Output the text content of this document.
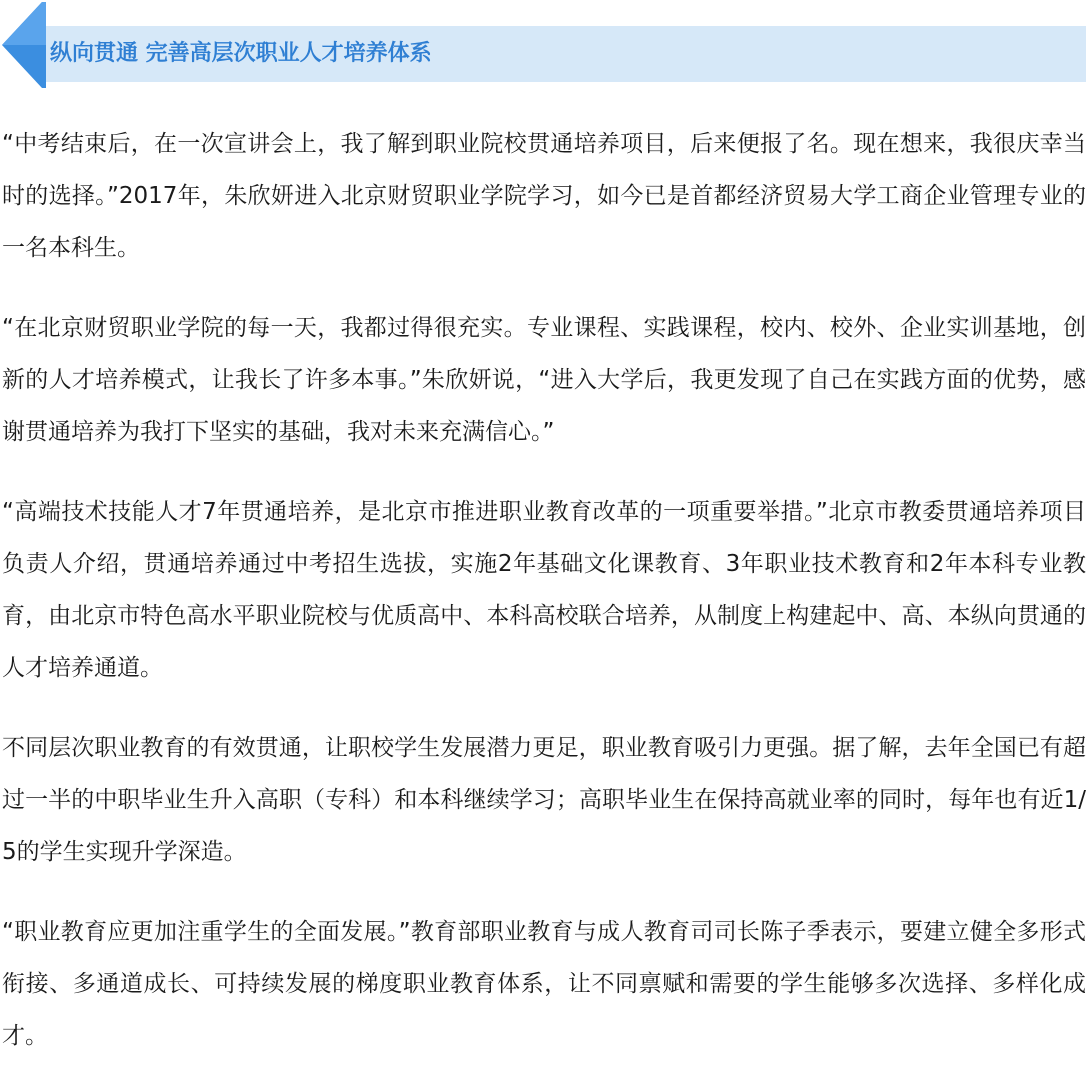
纵向贯通 完善高层次职业人才培养体系

“中考结束后，在一次宣讲会上，我了解到职业院校贯通培养项目，后来便报了名。现在想来，我很庆幸当时的选择。”2017年，朱欣妍进入北京财贸职业学院学习，如今已是首都经济贸易大学工商企业管理专业的一名本科生。

“在北京财贸职业学院的每一天，我都过得很充实。专业课程、实践课程，校内、校外、企业实训基地，创新的人才培养模式，让我长了许多本事。”朱欣妍说，“进入大学后，我更发现了自己在实践方面的优势，感谢贯通培养为我打下坚实的基础，我对未来充满信心。”

“高端技术技能人才7年贯通培养，是北京市推进职业教育改革的一项重要举措。”北京市教委贯通培养项目负责人介绍，贯通培养通过中考招生选拔，实施2年基础文化课教育、3年职业技术教育和2年本科专业教育，由北京市特色高水平职业院校与优质高中、本科高校联合培养，从制度上构建起中、高、本纵向贯通的人才培养通道。

不同层次职业教育的有效贯通，让职校学生发展潜力更足，职业教育吸引力更强。据了解，去年全国已有超过一半的中职毕业生升入高职（专科）和本科继续学习；高职毕业生在保持高就业率的同时，每年也有近1/5的学生实现升学深造。

“职业教育应更加注重学生的全面发展。”教育部职业教育与成人教育司司长陈子季表示，要建立健全多形式衔接、多通道成长、可持续发展的梯度职业教育体系，让不同禀赋和需要的学生能够多次选择、多样化成才。
